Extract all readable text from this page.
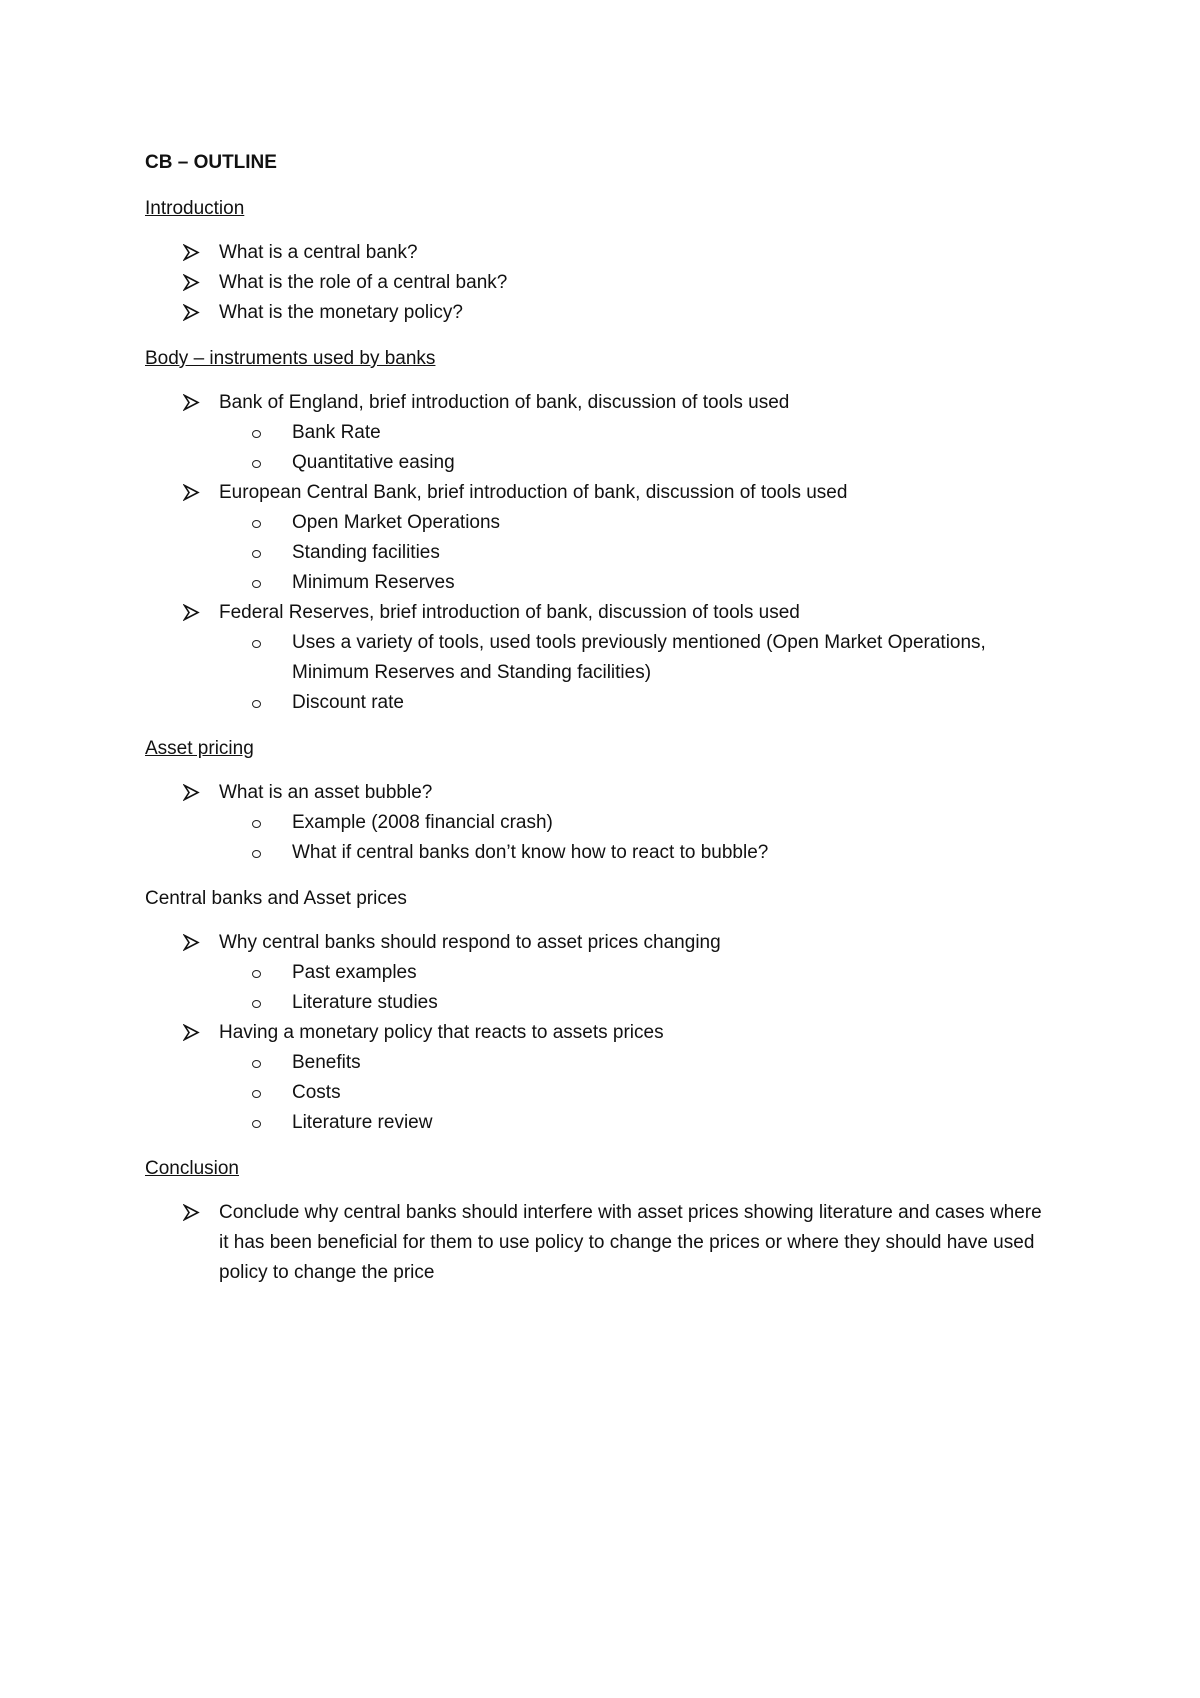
CB – OUTLINE
Introduction
What is a central bank?
What is the role of a central bank?
What is the monetary policy?
Body – instruments used by banks
Bank of England, brief introduction of bank, discussion of tools used
Bank Rate
Quantitative easing
European Central Bank, brief introduction of bank, discussion of tools used
Open Market Operations
Standing facilities
Minimum Reserves
Federal Reserves, brief introduction of bank, discussion of tools used
Uses a variety of tools, used tools previously mentioned (Open Market Operations, Minimum Reserves and Standing facilities)
Discount rate
Asset pricing
What is an asset bubble?
Example (2008 financial crash)
What if central banks don’t know how to react to bubble?
Central banks and Asset prices
Why central banks should respond to asset prices changing
Past examples
Literature studies
Having a monetary policy that reacts to assets prices
Benefits
Costs
Literature review
Conclusion
Conclude why central banks should interfere with asset prices showing literature and cases where it has been beneficial for them to use policy to change the prices or where they should have used policy to change the price
